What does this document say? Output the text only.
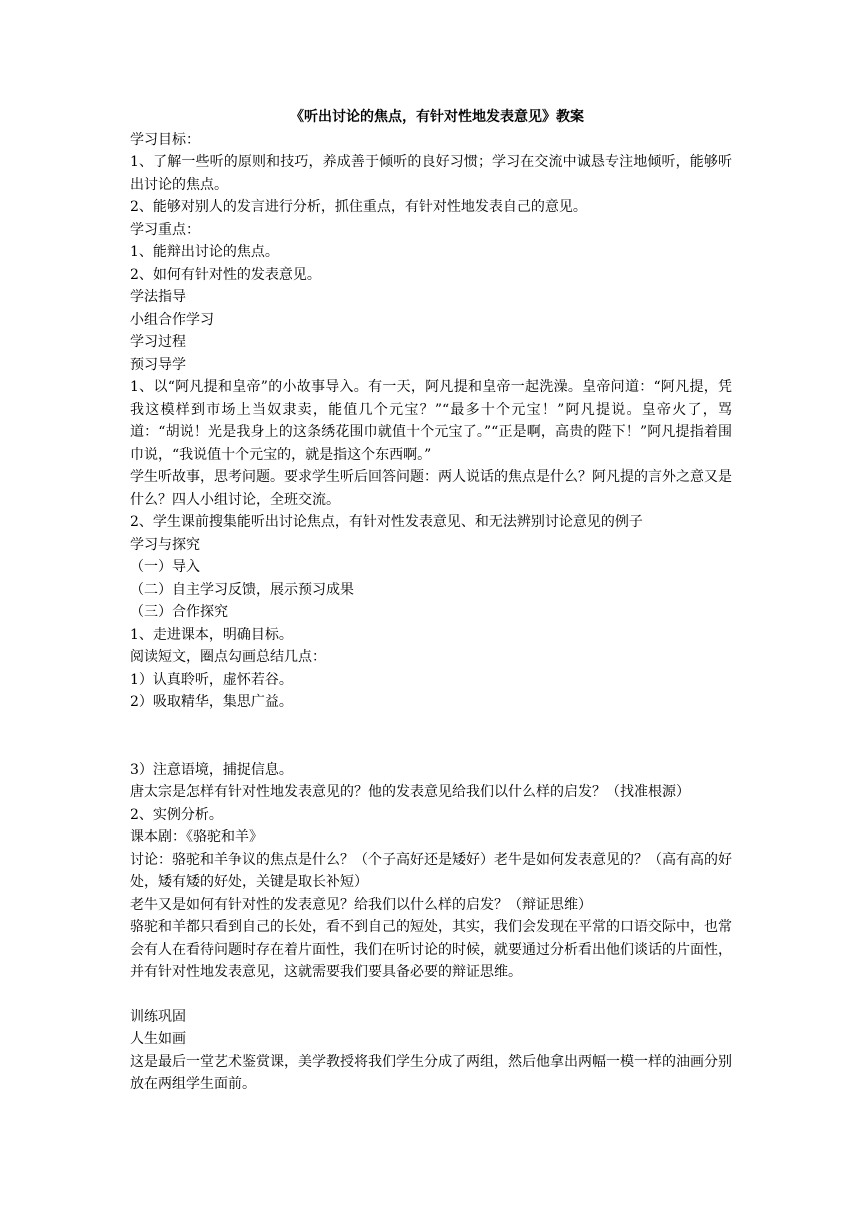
《听出讨论的焦点，有针对性地发表意见》教案

学习目标：

1、了解一些听的原则和技巧，养成善于倾听的良好习惯；学习在交流中诚恳专注地倾听，能够听出讨论的焦点。

2、能够对别人的发言进行分析，抓住重点，有针对性地发表自己的意见。

学习重点：

1、能辩出讨论的焦点。

2、如何有针对性的发表意见。

学法指导

小组合作学习

学习过程

预习导学

1、以“阿凡提和皇帝”的小故事导入。有一天，阿凡提和皇帝一起洗澡。皇帝问道：“阿凡提，凭我这模样到市场上当奴隶卖，能值几个元宝？”“最多十个元宝！”阿凡提说。皇帝火了，骂道：“胡说！光是我身上的这条绣花围巾就值十个元宝了。”“正是啊，高贵的陛下！”阿凡提指着围巾说，“我说值十个元宝的，就是指这个东西啊。”

学生听故事，思考问题。要求学生听后回答问题：两人说话的焦点是什么？阿凡提的言外之意又是什么？四人小组讨论，全班交流。

2、学生课前搜集能听出讨论焦点，有针对性发表意见、和无法辨别讨论意见的例子

学习与探究

（一）导入

（二）自主学习反馈，展示预习成果

（三）合作探究

1、走进课本，明确目标。

阅读短文，圈点勾画总结几点：

1）认真聆听，虚怀若谷。

2）吸取精华，集思广益。

3）注意语境，捕捉信息。

唐太宗是怎样有针对性地发表意见的？他的发表意见给我们以什么样的启发？（找准根源）

2、实例分析。

课本剧：《骆驼和羊》

讨论：骆驼和羊争议的焦点是什么？（个子高好还是矮好）老牛是如何发表意见的？（高有高的好处，矮有矮的好处，关键是取长补短）

老牛又是如何有针对性的发表意见？给我们以什么样的启发？（辩证思维）

骆驼和羊都只看到自己的长处，看不到自己的短处，其实，我们会发现在平常的口语交际中，也常会有人在看待问题时存在着片面性，我们在听讨论的时候，就要通过分析看出他们谈话的片面性，并有针对性地发表意见，这就需要我们要具备必要的辩证思维。

训练巩固

人生如画

这是最后一堂艺术鉴赏课，美学教授将我们学生分成了两组，然后他拿出两幅一模一样的油画分别放在两组学生面前。
